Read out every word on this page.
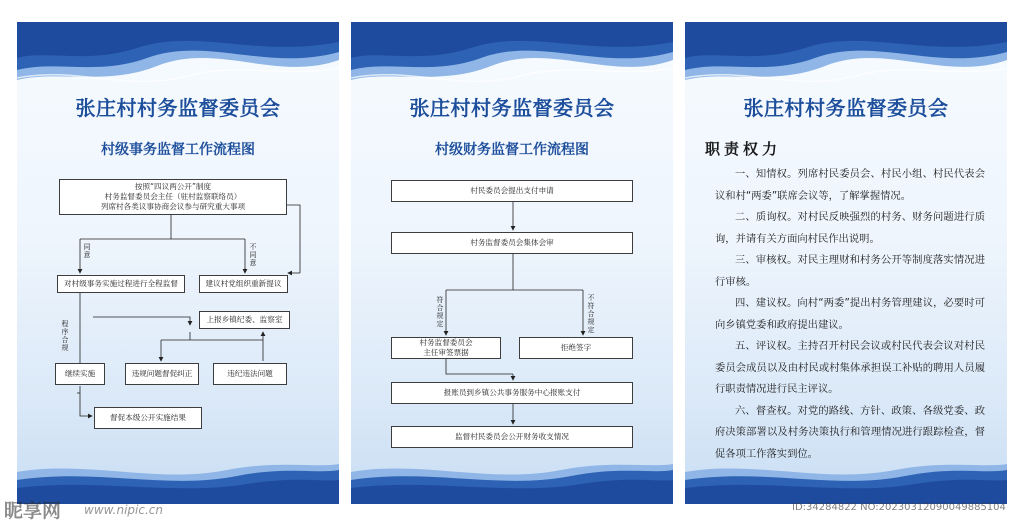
张庄村村务监督委员会
村级事务监督工作流程图
按照“四议两公开”制度
村务监督委员会主任（驻村监察联络员）
列席村各类议事协商会议参与研究重大事项
对村级事务实施过程进行全程监督	建议村党组织重新提议
上报乡镇纪委、监察室
继续实施	违规问题督促纠正	违纪违法问题
督促本级公开实施结果
同意
不同意
程序合规
张庄村村务监督委员会
村级财务监督工作流程图
村民委员会提出支付申请
村务监督委员会集体会审
村务监督委员会
主任审签票据
拒绝签字
报账员到乡镇公共事务服务中心报账支付
监督村民委员会公开财务收支情况
符合规定
不符合规定
张庄村村务监督委员会
职责权力

一、知情权。列席村民委员会、村民小组、村民代表会议和村“两委”联席会议等，了解掌握情况。

二、质询权。对村民反映强烈的村务、财务问题进行质询，并请有关方面向村民作出说明。

三、审核权。对民主理财和村务公开等制度落实情况进行审核。

四、建议权。向村“两委”提出村务管理建议，必要时可向乡镇党委和政府提出建议。

五、评议权。主持召开村民会议或村民代表会议对村民委员会成员以及由村民或村集体承担误工补贴的聘用人员履行职责情况进行民主评议。

六、督查权。对党的路线、方针、政策、各级党委、政府决策部署以及村务决策执行和管理情况进行跟踪检查，督促各项工作落实到位。

昵享网 www.nipic.cn	ID:34284822 NO:20230312090049885104
